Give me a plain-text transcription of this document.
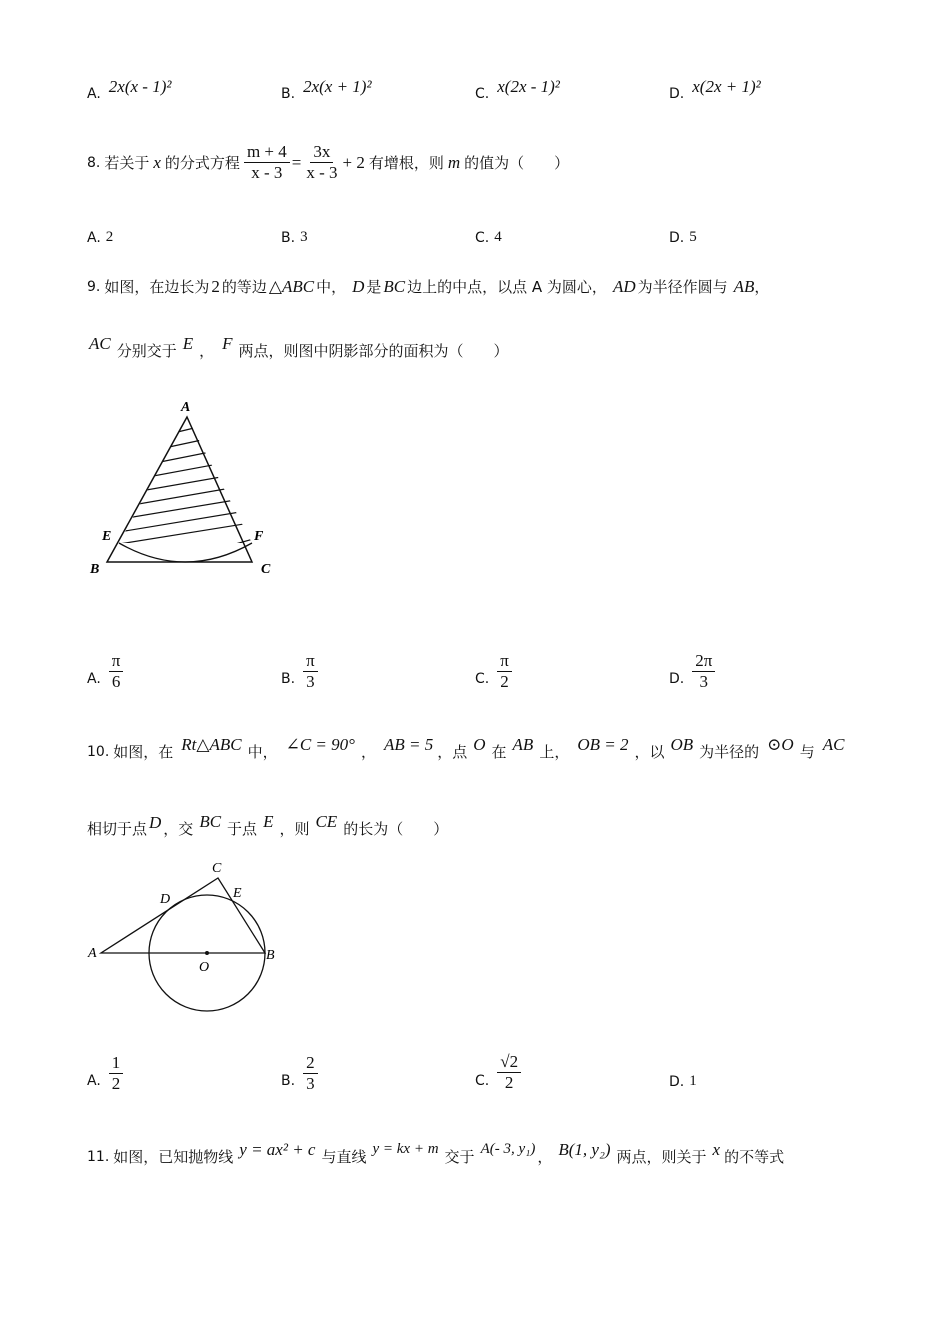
A. 2x(x - 1)²	B. 2x(x + 1)²	C. x(2x - 1)²	D. x(2x + 1)²
8. 若关于 x 的分式方程 $\frac{m + 4}{x - 3} = \frac{3x}{x - 3} + 2$ 有增根，则 m 的值为（　　）
A. 2	B. 3	C. 4	D. 5
9. 如图，在边长为 2 的等边 △ABC 中， D 是 BC 边上的中点，以点 A 为圆心， AD 为半径作圆与 AB ，
AC 分别交于 E ， F 两点，则图中阴影部分的面积为（　　）
A
B	C
E	F
A. $\frac{\pi}{6}$	B. $\frac{\pi}{3}$	C. $\frac{\pi}{2}$	D. $\frac{2\pi}{3}$
10. 如图，在 Rt△ABC 中， ∠C = 90° ， AB = 5 ，点 O 在 AB 上， OB = 2 ，以 OB 为半径的 ⊙O 与 AC
相切于点 D ，交 BC 于点 E ，则 CE 的长为（　　）
A	B
C
D	E
O
A. $\frac{1}{2}$	B. $\frac{2}{3}$	C. $\frac{√2}{2}$	D. 1
11. 如图，已知抛物线 y = ax² + c 与直线 y = kx + m 交于 A(- 3, y₁) ， B(1, y₂) 两点，则关于 x 的不等式
